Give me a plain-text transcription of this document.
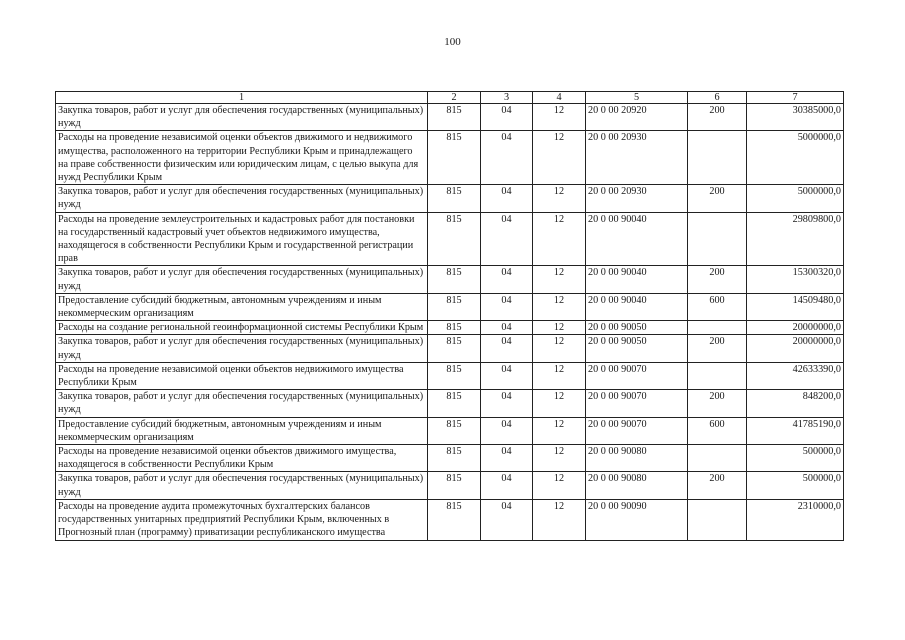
100
1	2	3	4	5	6	7
Закупка товаров, работ и услуг для обеспечения государственных (муниципальных) нужд	815	04	12	20 0 00 20920	200	30385000,0
Расходы на проведение независимой оценки объектов движимого и недвижимого имущества, расположенного на территории Республики Крым и принадлежащего на праве собственности физическим или юридическим лицам, с целью выкупа для нужд Республики Крым	815	04	12	20 0 00 20930		5000000,0
Закупка товаров, работ и услуг для обеспечения государственных (муниципальных) нужд	815	04	12	20 0 00 20930	200	5000000,0
Расходы на проведение землеустроительных и кадастровых работ для постановки на государственный кадастровый учет объектов недвижимого имущества, находящегося в собственности Республики Крым и государственной регистрации прав	815	04	12	20 0 00 90040		29809800,0
Закупка товаров, работ и услуг для обеспечения государственных (муниципальных) нужд	815	04	12	20 0 00 90040	200	15300320,0
Предоставление субсидий бюджетным, автономным учреждениям и иным некоммерческим организациям	815	04	12	20 0 00 90040	600	14509480,0
Расходы на создание региональной геоинформационной системы Республики Крым	815	04	12	20 0 00 90050		20000000,0
Закупка товаров, работ и услуг для обеспечения государственных (муниципальных) нужд	815	04	12	20 0 00 90050	200	20000000,0
Расходы на проведение независимой оценки объектов недвижимого имущества Республики Крым	815	04	12	20 0 00 90070		42633390,0
Закупка товаров, работ и услуг для обеспечения государственных (муниципальных) нужд	815	04	12	20 0 00 90070	200	848200,0
Предоставление субсидий бюджетным, автономным учреждениям и иным некоммерческим организациям	815	04	12	20 0 00 90070	600	41785190,0
Расходы на проведение независимой оценки объектов движимого имущества, находящегося в собственности Республики Крым	815	04	12	20 0 00 90080		500000,0
Закупка товаров, работ и услуг для обеспечения государственных (муниципальных) нужд	815	04	12	20 0 00 90080	200	500000,0
Расходы на проведение аудита промежуточных бухгалтерских балансов государственных унитарных предприятий Республики Крым, включенных в Прогнозный план (программу) приватизации республиканского имущества	815	04	12	20 0 00 90090		2310000,0
